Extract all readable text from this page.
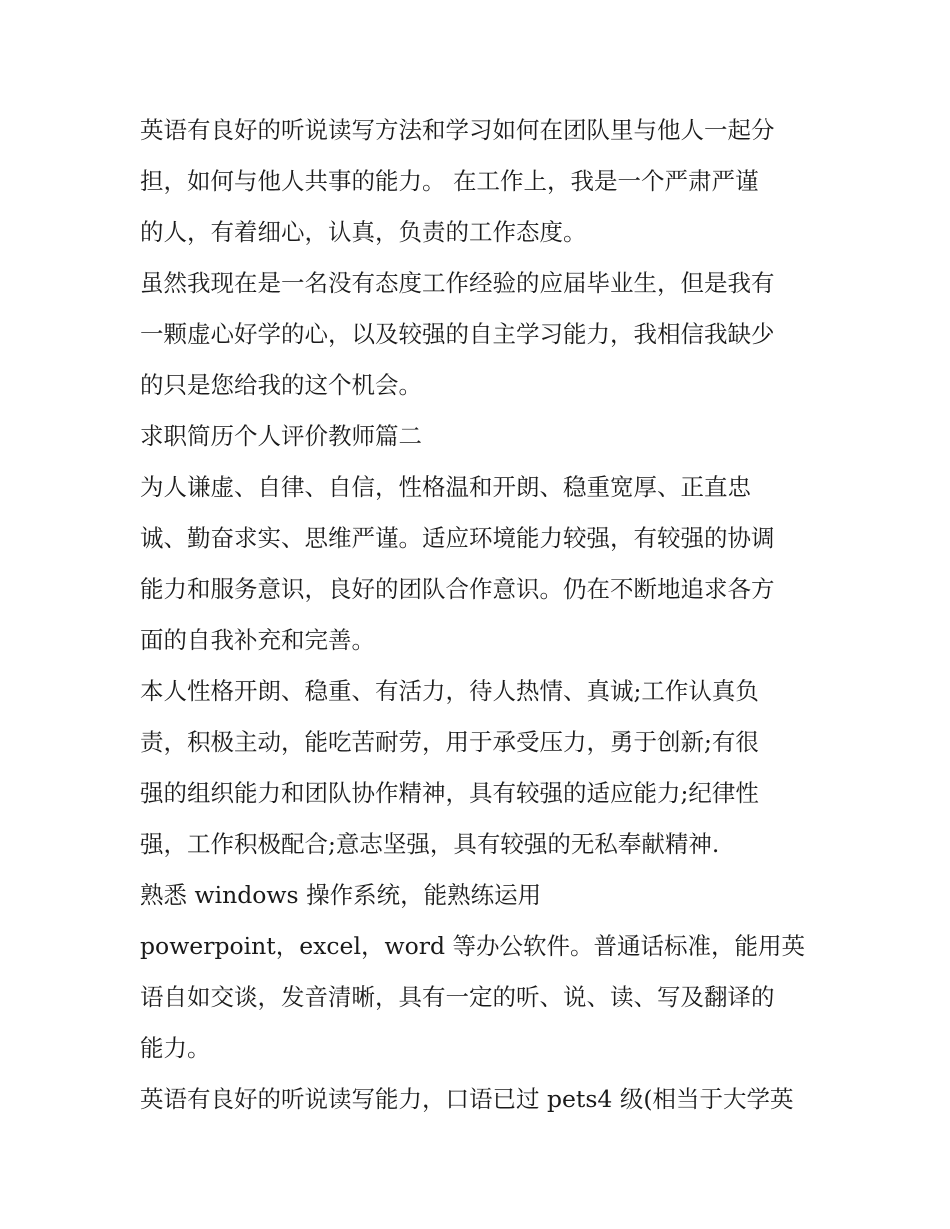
英语有良好的听说读写方法和学习如何在团队里与他人一起分
担，如何与他人共事的能力。 在工作上，我是一个严肃严谨
的人，有着细心，认真，负责的工作态度。
虽然我现在是一名没有态度工作经验的应届毕业生，但是我有
一颗虚心好学的心，以及较强的自主学习能力，我相信我缺少
的只是您给我的这个机会。
求职简历个人评价教师篇二
为人谦虚、自律、自信，性格温和开朗、稳重宽厚、正直忠
诚、勤奋求实、思维严谨。适应环境能力较强，有较强的协调
能力和服务意识，良好的团队合作意识。仍在不断地追求各方
面的自我补充和完善。
本人性格开朗、稳重、有活力，待人热情、真诚;工作认真负
责，积极主动，能吃苦耐劳，用于承受压力，勇于创新;有很
强的组织能力和团队协作精神，具有较强的适应能力;纪律性
强，工作积极配合;意志坚强，具有较强的无私奉献精神.
熟悉 windows 操作系统，能熟练运用
powerpoint，excel，word 等办公软件。普通话标准，能用英
语自如交谈，发音清晰，具有一定的听、说、读、写及翻译的
能力。
英语有良好的听说读写能力，口语已过 pets4 级(相当于大学英
